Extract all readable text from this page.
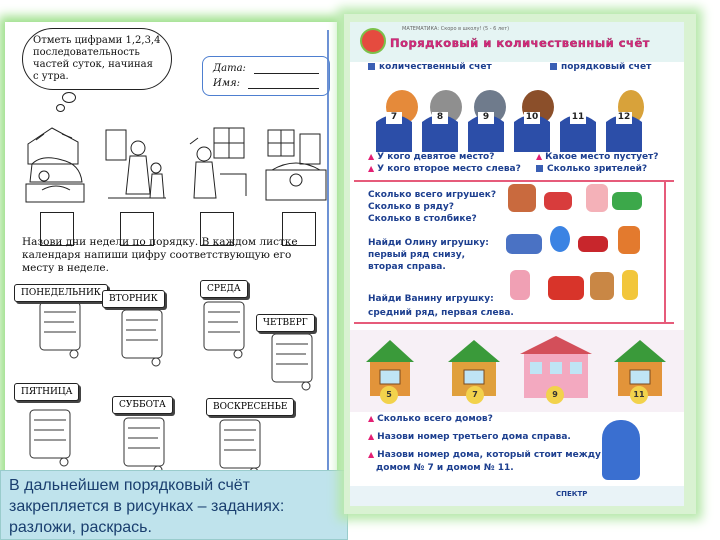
Отметь цифрами 1,2,3,4 последовательность частей суток, начиная с утра.
Дата:
Имя:
Назови дни недели по порядку. В каждом листке календаря напиши цифру соответствующую его месту в неделе.
ПОНЕДЕЛЬНИК
ВТОРНИК
СРЕДА
ЧЕТВЕРГ
ПЯТНИЦА
СУББОТА	ВОСКРЕСЕНЬЕ
В дальнейшем порядковый счёт закрепляется в рисунках – заданиях: разложи, раскрась.
МАТЕМАТИКА: Скоро в школу! (5 - 6 лет)
Порядковый и количественный счёт
количественный счет	порядковый счет
7	8	9	10	11	12
▲ У кого девятое место?	▲ Какое место пустует?
▲ У кого второе место слева?	Сколько зрителей?
Сколько всего игрушек?
Сколько в ряду?
Сколько в столбике?
Найди Олину игрушку:
первый ряд снизу,
вторая справа.
Найди Ванину игрушку:
средний ряд, первая слева.
5	7	9	11
▲ Сколько всего домов?
▲ Назови номер третьего дома справа.
▲ Назови номер дома, который стоит между
домом № 7 и домом № 11.
СПЕКТР
